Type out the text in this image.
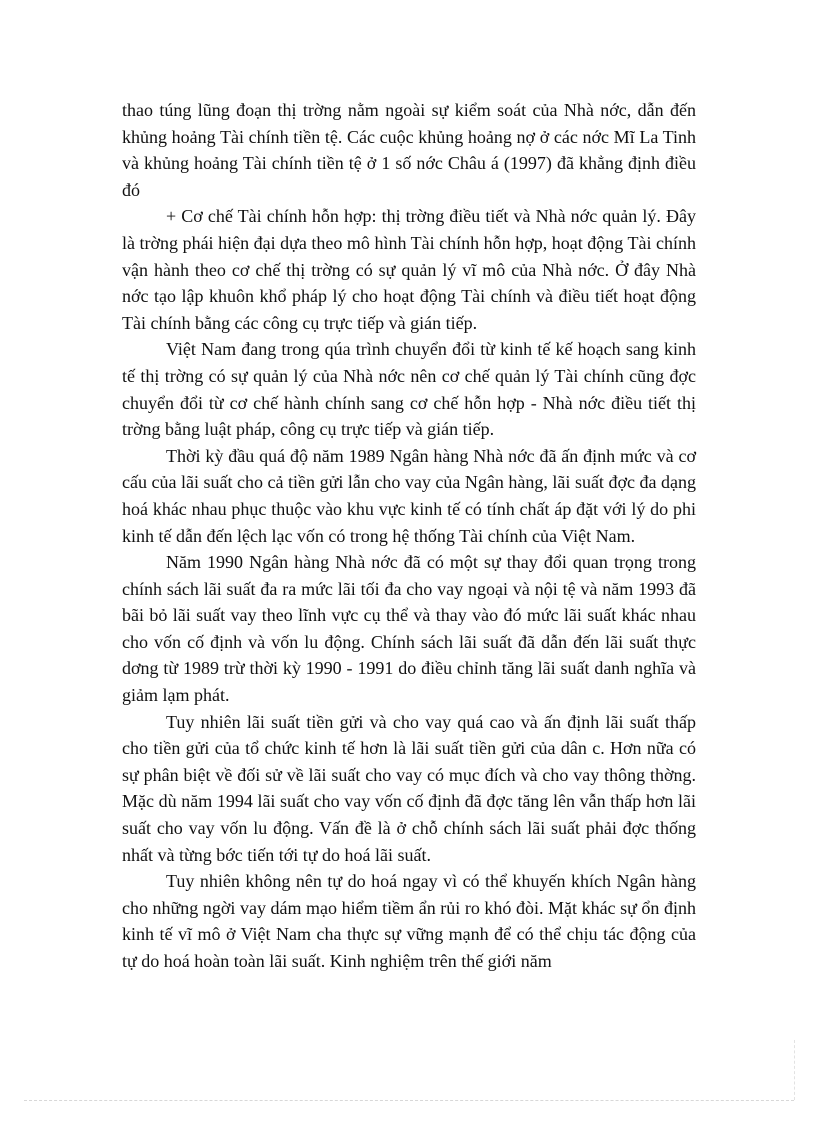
thao túng lũng đoạn thị trờng nằm ngoài sự kiểm soát của Nhà nớc, dẫn đến khủng hoảng Tài chính tiền tệ. Các cuộc khủng hoảng nợ ở các nớc Mĩ La Tinh và khủng hoảng Tài chính tiền tệ ở 1 số nớc Châu á (1997) đã khẳng định điều đó

+ Cơ chế Tài chính hỗn hợp: thị trờng điều tiết và Nhà nớc quản lý. Đây là trờng phái hiện đại dựa theo mô hình Tài chính hỗn hợp, hoạt động Tài chính vận hành theo cơ chế thị trờng có sự quản lý vĩ mô của Nhà nớc. Ở đây Nhà nớc tạo lập khuôn khổ pháp lý cho hoạt động Tài chính và điều tiết hoạt động Tài chính bằng các công cụ trực tiếp và gián tiếp.

Việt Nam đang trong qúa trình chuyển đổi từ kinh tế kế hoạch sang kinh tế thị trờng có sự quản lý của Nhà nớc nên cơ chế quản lý Tài chính cũng đợc chuyển đổi từ cơ chế hành chính sang cơ chế hỗn hợp - Nhà nớc điều tiết thị trờng bằng luật pháp, công cụ trực tiếp và gián tiếp.

Thời kỳ đầu quá độ năm 1989 Ngân hàng Nhà nớc đã ấn định mức và cơ cấu của lãi suất cho cả tiền gửi lẫn cho vay của Ngân hàng, lãi suất đợc đa dạng hoá khác nhau phục thuộc vào khu vực kinh tế có tính chất áp đặt với lý do phi kinh tế dẫn đến lệch lạc vốn có trong hệ thống Tài chính của Việt Nam.

Năm 1990 Ngân hàng Nhà nớc đã có một sự thay đổi quan trọng trong chính sách lãi suất đa ra mức lãi tối đa cho vay ngoại và nội tệ và năm 1993 đã bãi bỏ lãi suất vay theo lĩnh vực cụ thể và thay vào đó mức lãi suất khác nhau cho vốn cố định và vốn lu động. Chính sách lãi suất đã dẫn đến lãi suất thực dơng từ 1989 trừ thời kỳ 1990 - 1991 do điều chỉnh tăng lãi suất danh nghĩa và giảm lạm phát.

Tuy nhiên lãi suất tiền gửi và cho vay quá cao và ấn định lãi suất thấp cho tiền gửi của tổ chức kinh tế hơn là lãi suất tiền gửi của dân c. Hơn nữa có sự phân biệt về đối sử về lãi suất cho vay có mục đích và cho vay thông thờng. Mặc dù năm 1994 lãi suất cho vay vốn cố định đã đợc tăng lên vẫn thấp hơn lãi suất cho vay vốn lu động. Vấn đề là ở chỗ chính sách lãi suất phải đợc thống nhất và từng bớc tiến tới tự do hoá lãi suất.

Tuy nhiên không nên tự do hoá ngay vì có thể khuyến khích Ngân hàng cho những ngời vay dám mạo hiểm tiềm ẩn rủi ro khó đòi. Mặt khác sự ổn định kinh tế vĩ mô ở Việt Nam cha thực sự vững mạnh để có thể chịu tác động của tự do hoá hoàn toàn lãi suất. Kinh nghiệm trên thế giới năm
